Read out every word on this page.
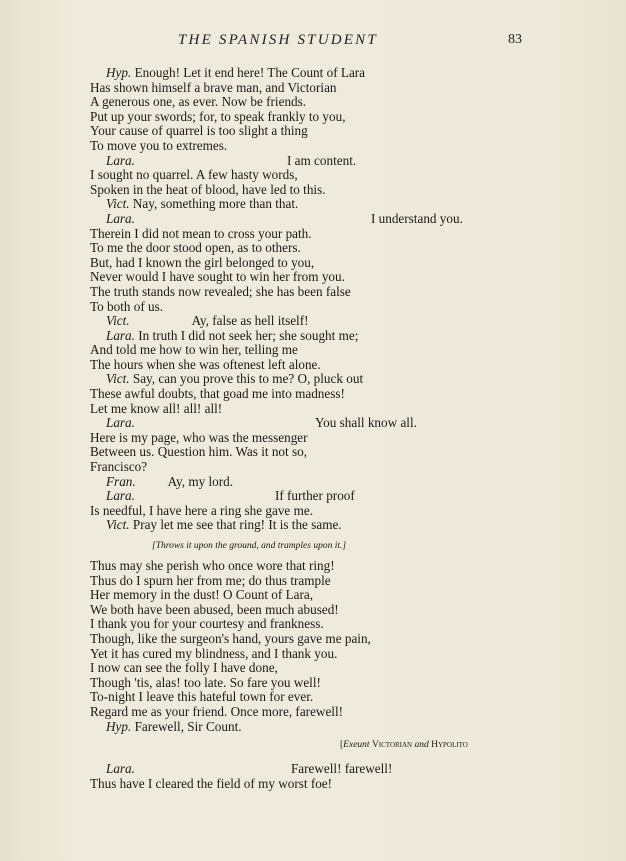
THE SPANISH STUDENT	83
Hyp. Enough! Let it end here! The Count of Lara
Has shown himself a brave man, and Victorian
A generous one, as ever. Now be friends.
Put up your swords; for, to speak frankly to you,
Your cause of quarrel is too slight a thing
To move you to extremes.
Lara.	I am content.
I sought no quarrel. A few hasty words,
Spoken in the heat of blood, have led to this.
Vict. Nay, something more than that.
Lara.	I understand you.
Therein I did not mean to cross your path.
To me the door stood open, as to others.
But, had I known the girl belonged to you,
Never would I have sought to win her from you.
The truth stands now revealed; she has been false
To both of us.
Vict.	Ay, false as hell itself!
Lara. In truth I did not seek her; she sought me;
And told me how to win her, telling me
The hours when she was oftenest left alone.
Vict. Say, can you prove this to me? O, pluck out
These awful doubts, that goad me into madness!
Let me know all! all! all!
Lara.	You shall know all.
Here is my page, who was the messenger
Between us. Question him. Was it not so,
Francisco?
Fran. Ay, my lord.
Lara.	If further proof
Is needful, I have here a ring she gave me.
Vict. Pray let me see that ring! It is the same.
[Throws it upon the ground, and tramples upon it.]
Thus may she perish who once wore that ring!
Thus do I spurn her from me; do thus trample
Her memory in the dust! O Count of Lara,
We both have been abused, been much abused!
I thank you for your courtesy and frankness.
Though, like the surgeon's hand, yours gave me pain,
Yet it has cured my blindness, and I thank you.
I now can see the folly I have done,
Though 'tis, alas! too late. So fare you well!
To-night I leave this hateful town for ever.
Regard me as your friend. Once more, farewell!
Hyp. Farewell, Sir Count.
[Exeunt Victorian and Hypolito
Lara.	Farewell! farewell!
Thus have I cleared the field of my worst foe!
